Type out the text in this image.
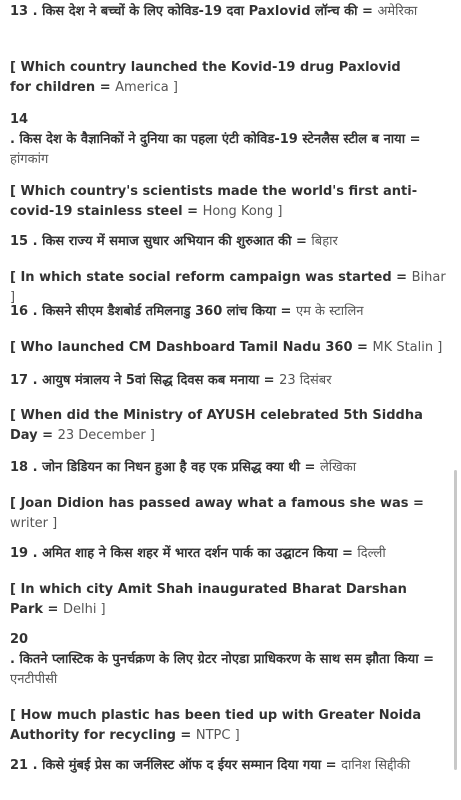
13 . किस देश ने बच्चों के लिए कोविड-19 दवा Paxlovid लॉन्च की = अमेरिका

[ Which country launched the Kovid-19 drug Paxlovid for children = America ]

14
. किस देश के वैज्ञानिकों ने दुनिया का पहला एंटी कोविड-19 स्टेनलैस स्टील ब नाया = हांगकांग

[ Which country's scientists made the world's first anti-covid-19 stainless steel = Hong Kong ]

15 . किस राज्य में समाज सुधार अभियान की शुरुआत की = बिहार

[ In which state social reform campaign was started = Bihar ]

16 . किसने सीएम डैशबोर्ड तमिलनाडु 360 लांच किया = एम के स्टालिन

[ Who launched CM Dashboard Tamil Nadu 360 = MK Stalin ]

17 . आयुष मंत्रालय ने 5वां सिद्ध दिवस कब मनाया = 23 दिसंबर

[ When did the Ministry of AYUSH celebrated 5th Siddha Day = 23 December ]

18 . जोन डिडियन का निधन हुआ है वह एक प्रसिद्ध क्या थी = लेखिका

[ Joan Didion has passed away what a famous she was = writer ]

19 . अमित शाह ने किस शहर में भारत दर्शन पार्क का उद्घाटन किया = दिल्ली

[ In which city Amit Shah inaugurated Bharat Darshan Park = Delhi ]

20
. कितने प्लास्टिक के पुनर्चक्रण के लिए ग्रेटर नोएडा प्राधिकरण के साथ सम झौता किया = एनटीपीसी

[ How much plastic has been tied up with Greater Noida Authority for recycling = NTPC ]

21 . किसे मुंबई प्रेस का जर्नलिस्ट ऑफ द ईयर सम्मान दिया गया = दानिश सिद्दीकी
